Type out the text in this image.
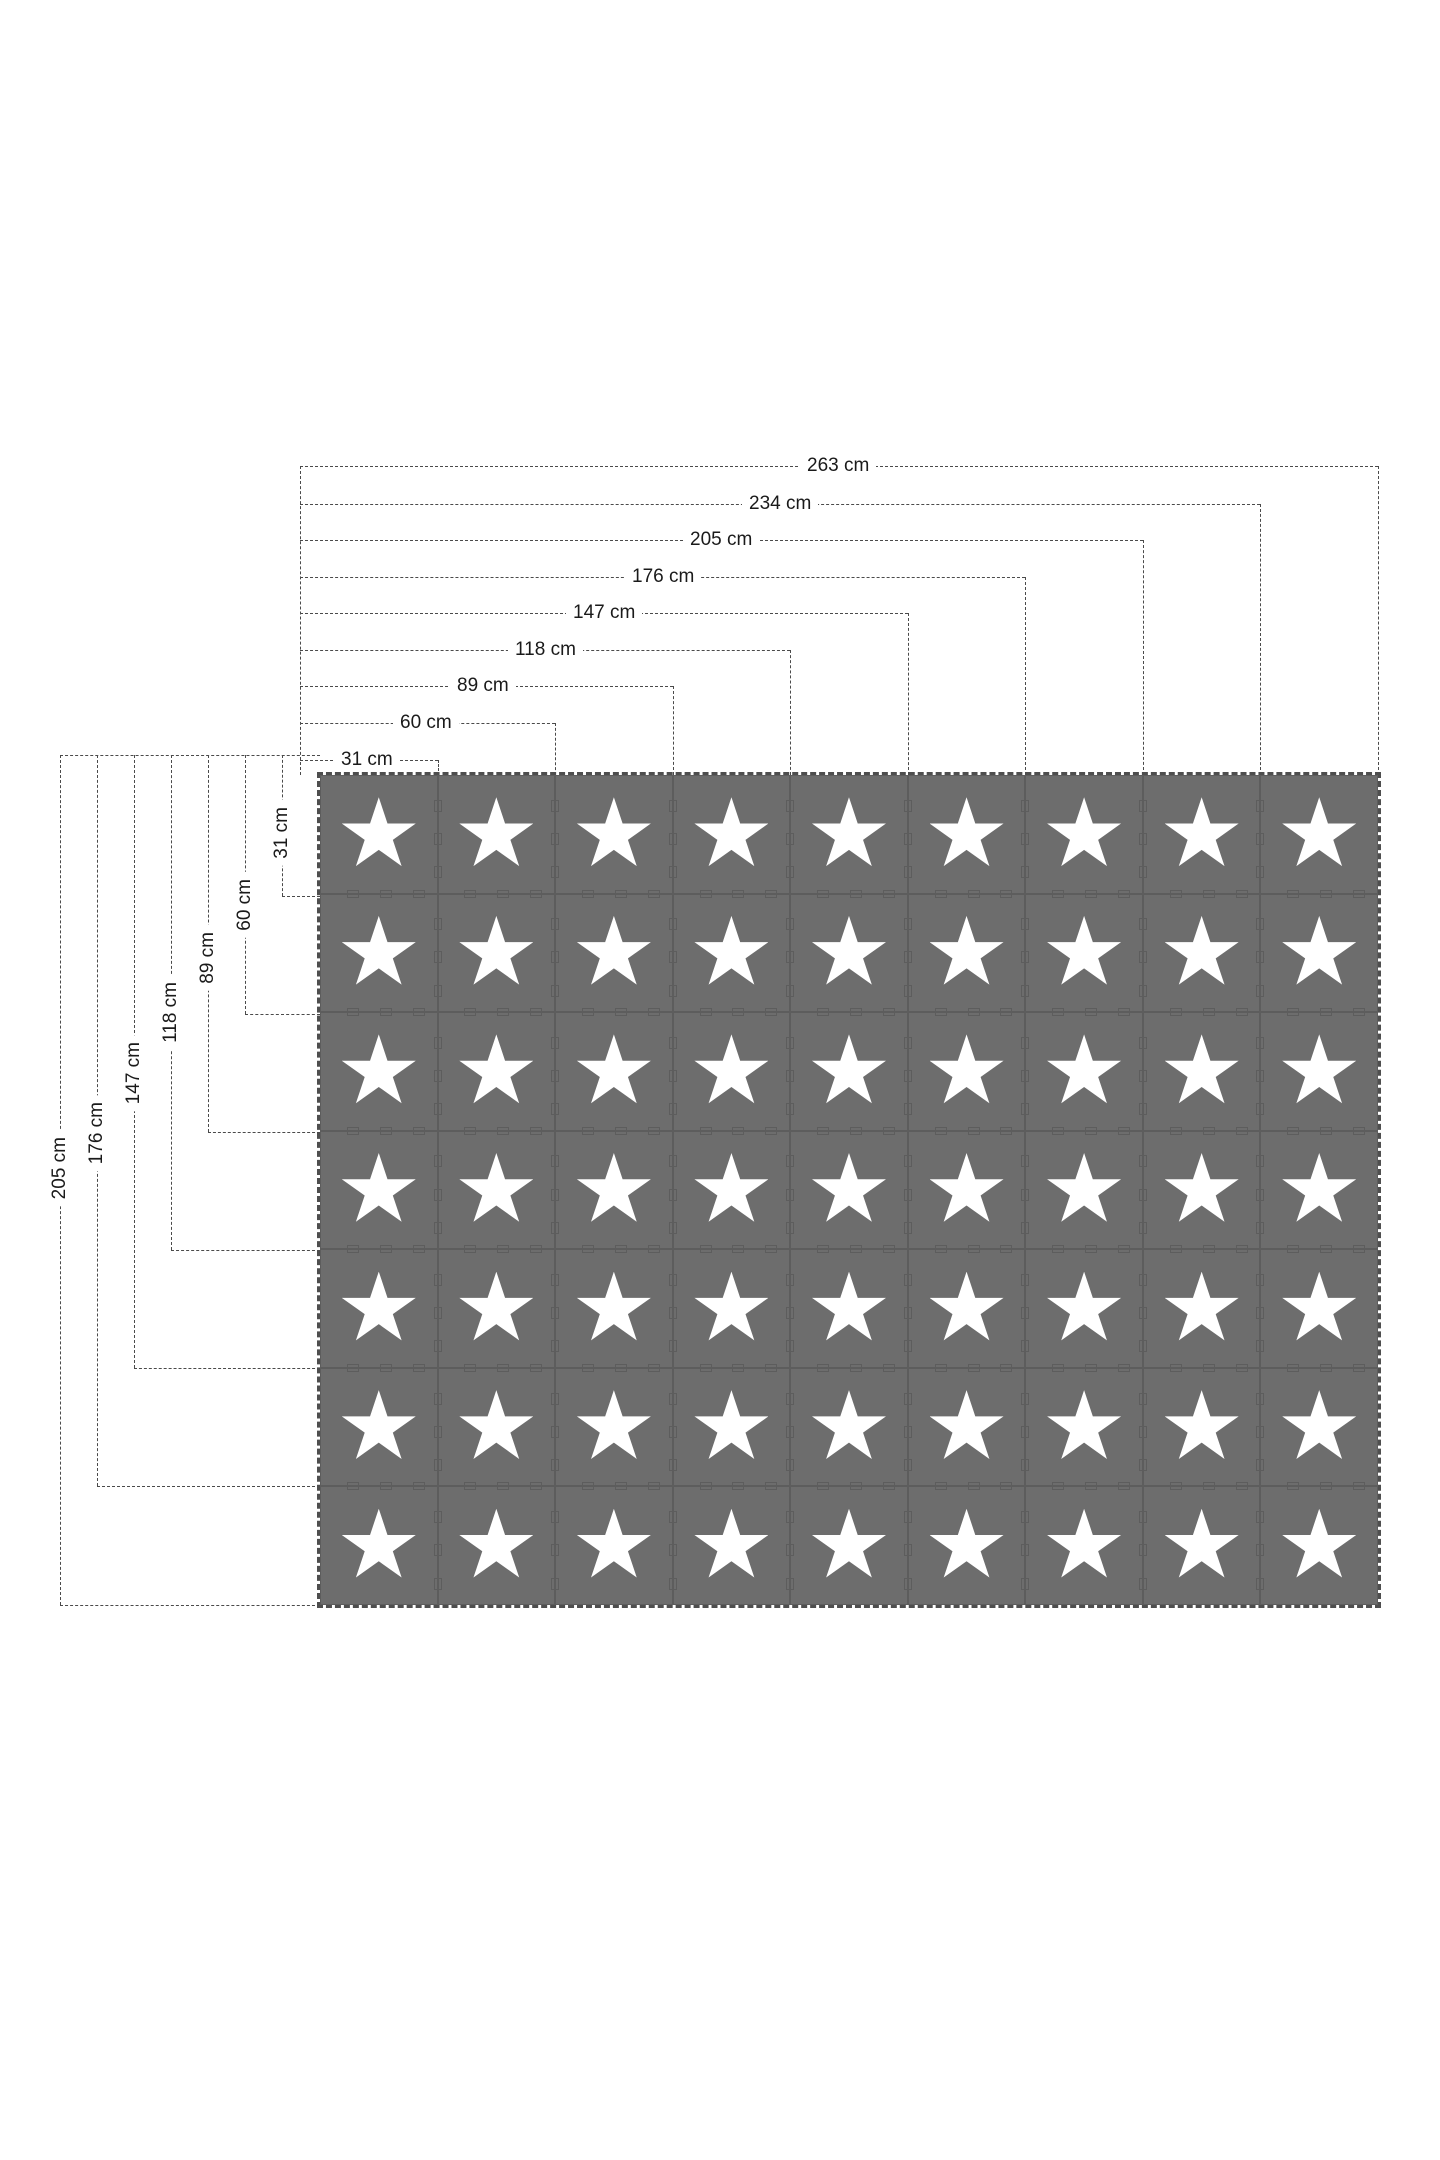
263 cm
234 cm
205 cm
176 cm
147 cm
118 cm
89 cm
60 cm
31 cm
205 cm
176 cm
147 cm
118 cm
89 cm
60 cm
31 cm
